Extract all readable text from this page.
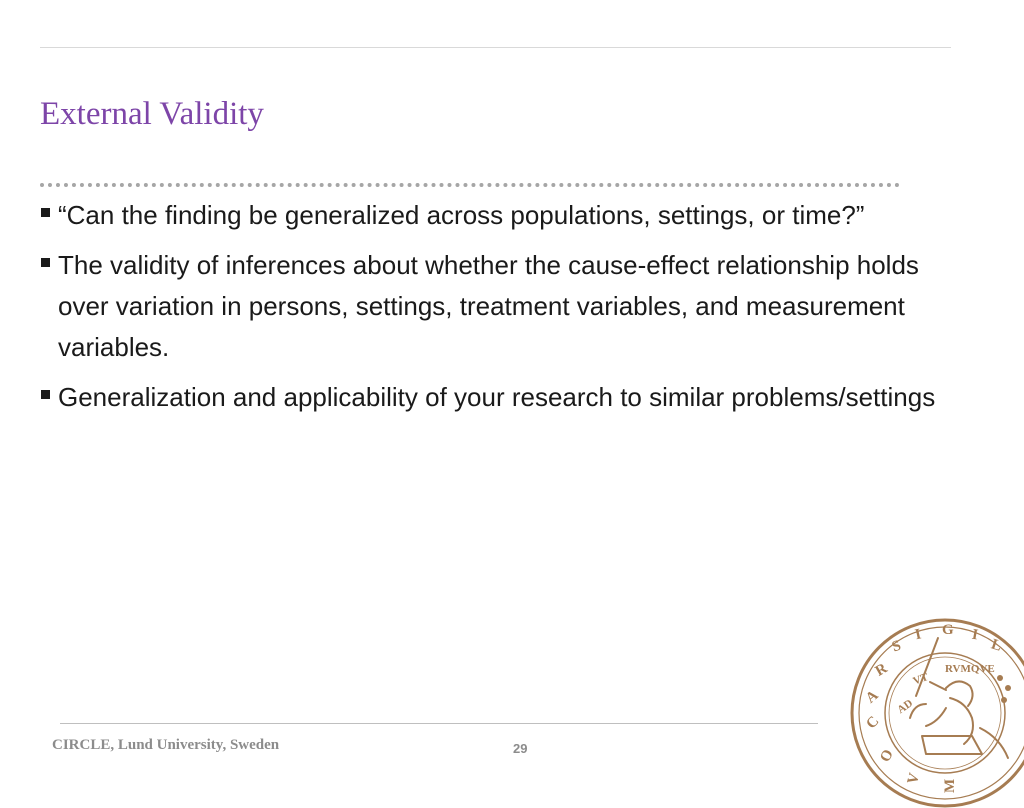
External Validity
“Can the finding be generalized across populations, settings, or time?”
The validity of inferences about whether the cause-effect relationship holds over variation in persons, settings, treatment variables, and measurement variables.
Generalization and applicability of your research to similar problems/settings
CIRCLE, Lund University, Sweden	29
S
I G I
L
C
A
R
V M
O
AD
VT
RVMQVE
